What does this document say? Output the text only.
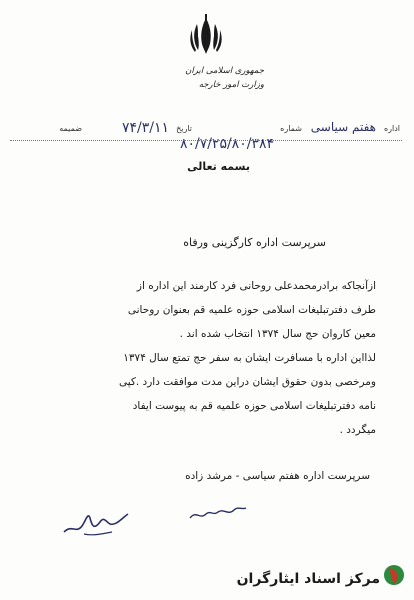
جمهوری اسلامی ایران
وزارت امور خارجه
اداره
هفتم سیاسی
شماره
۸۰/۷/۲۵/۸۰/۳۸۴
تاریخ
۷۴/۳/۱۱
ضمیمه
بسمه تعالی
سرپرست اداره کارگزینی ورفاه
ازآنجاکه برادرمحمدعلی روحانی فرد کارمند این اداره از
طرف دفترتبلیغات اسلامی حوزه علمیه قم بعنوان روحانی
معین کاروان حج سال ۱۳۷۴ انتخاب شده اند .
لذااین اداره با مسافرت ایشان به سفر حج تمتع سال ۱۳۷۴
ومرخصی بدون حقوق ایشان دراین مدت موافقت دارد .کپی
نامه دفترتبلیغات اسلامی حوزه علمیه قم به پیوست ایفاد
میگردد .
سرپرست اداره هفتم سیاسی - مرشد زاده
مرکز اسناد ایثارگران
